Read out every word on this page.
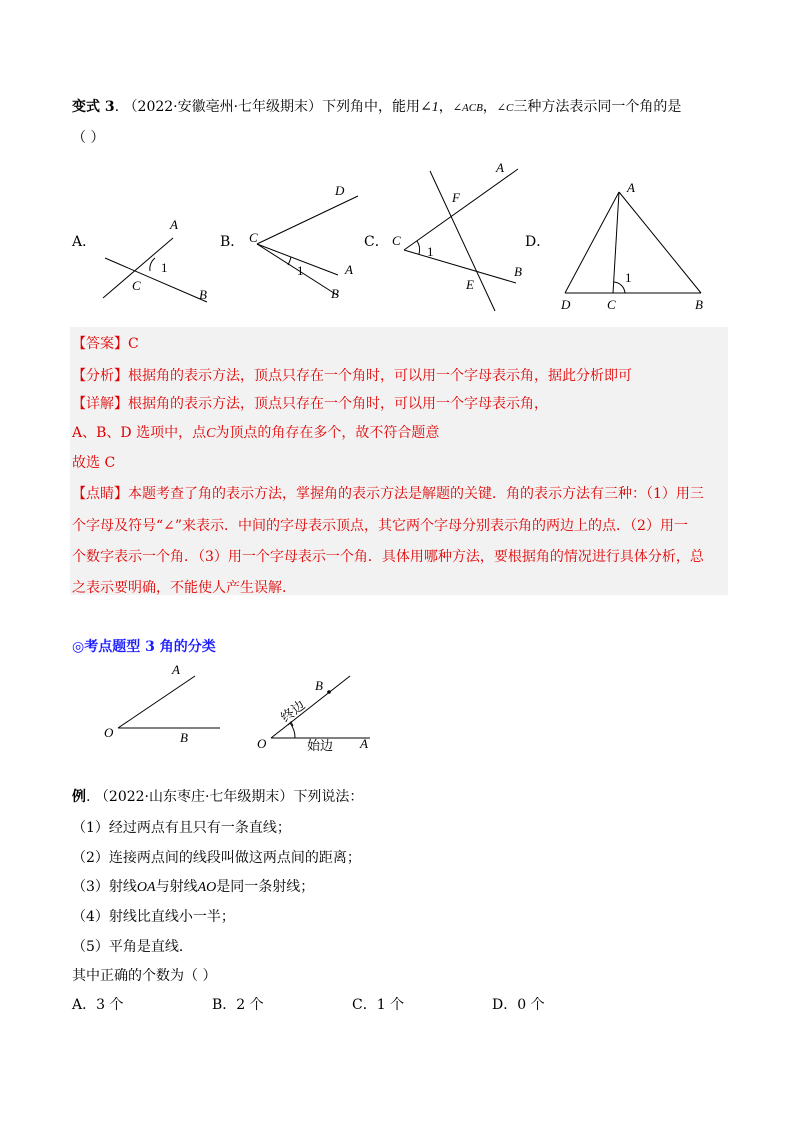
变式 3. （2022·安徽亳州·七年级期末）下列角中，能用∠1，∠ACB，∠C三种方法表示同一个角的是
（ ）
A．	B．	C．	D．
A
C
B
1
C
D
A
B
1
C
A
F
E
B
1
A
D	C	B
1
【答案】C
【分析】根据角的表示方法，顶点只存在一个角时，可以用一个字母表示角，据此分析即可
【详解】根据角的表示方法，顶点只存在一个角时，可以用一个字母表示角，
A、B、D 选项中，点C为顶点的角存在多个，故不符合题意
故选 C
【点睛】本题考查了角的表示方法，掌握角的表示方法是解题的关键．角的表示方法有三种：（1）用三
个字母及符号“∠”来表示．中间的字母表示顶点，其它两个字母分别表示角的两边上的点．（2）用一
个数字表示一个角．（3）用一个字母表示一个角．具体用哪种方法，要根据角的情况进行具体分析，总
之表示要明确，不能使人产生误解．
◎考点题型 3 角的分类
A
O	B
B
O	A
终边
始边
例. （2022·山东枣庄·七年级期末）下列说法：
（1）经过两点有且只有一条直线；
（2）连接两点间的线段叫做这两点间的距离；
（3）射线OA与射线AO是同一条射线；
（4）射线比直线小一半；
（5）平角是直线．
其中正确的个数为（ ）
A．3 个	B．2 个	C．1 个	D．0 个
